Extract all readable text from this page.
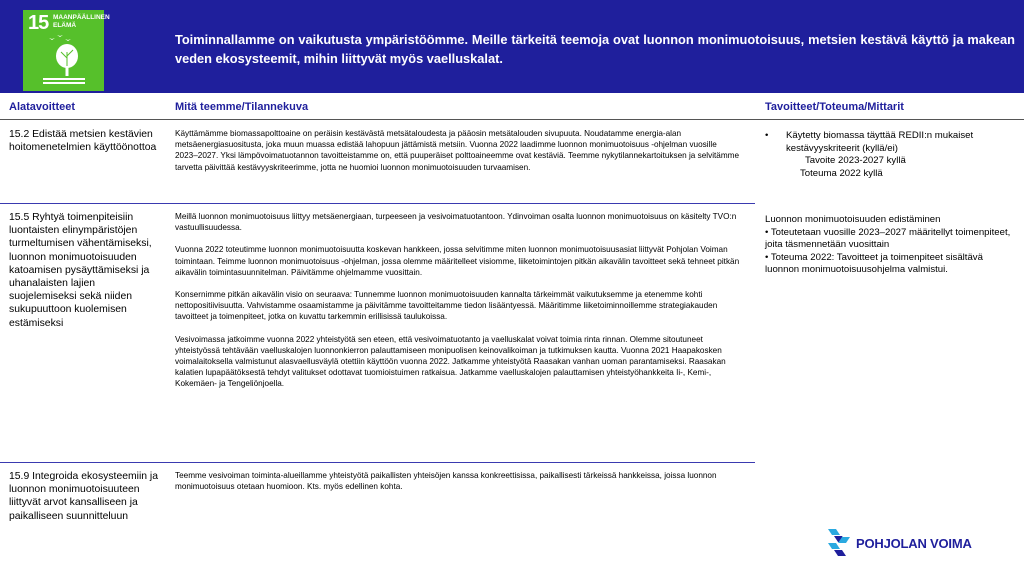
15 MAANPÄÄLLINEN ELÄMÄ
Toiminnallamme on vaikutusta ympäristöömme. Meille tärkeitä teemoja ovat luonnon monimuotoisuus, metsien kestävä käyttö ja makean veden ekosysteemit, mihin liittyvät myös vaelluskalat.
Alatavoitteet	Mitä teemme/Tilannekuva	Tavoitteet/Toteuma/Mittarit
15.2 Edistää metsien kestävien hoitomenetelmien käyttöönottoa

Käyttämämme biomassapolttoaine on peräisin kestävästä metsätaloudesta ja pääosin metsätalouden sivupuuta. Noudatamme energia-alan metsäenergiasuositusta, joka muun muassa edistää lahopuun jättämistä metsiin. Vuonna 2022 laadimme luonnon monimuotoisuus -ohjelman vuosille 2023–2027. Yksi lämpövoimatuotannon tavoitteistamme on, että puuperäiset polttoaineemme ovat kestäviä. Teemme nykytilannekartoituksen ja selvitämme tarvetta päivittää kestävyyskriteerimme, jotta ne huomioi luonnon monimuotoisuuden turvaamisen.

15.5 Ryhtyä toimenpiteisiin luontaisten elinympäristöjen turmeltumisen vähentämiseksi, luonnon monimuotoisuuden katoamisen pysäyttämiseksi ja uhanalaisten lajien suojelemiseksi sekä niiden sukupuuttoon kuolemisen estämiseksi

Meillä luonnon monimuotoisuus liittyy metsäenergiaan, turpeeseen ja vesivoimatuotantoon. Ydinvoiman osalta luonnon monimuotoisuus on käsitelty TVO:n vastuullisuudessa.

Vuonna 2022 toteutimme luonnon monimuotoisuutta koskevan hankkeen, jossa selvitimme miten luonnon monimuotoisuusasiat liittyvät Pohjolan Voiman toimintaan. Teimme luonnon monimuotoisuus -ohjelman, jossa olemme määritelleet visiomme, liiketoimintojen pitkän aikavälin tavoitteet sekä tehneet pitkän aikavälin toimintasuunnitelman. Päivitämme ohjelmamme vuosittain.

Konsernimme pitkän aikavälin visio on seuraava: Tunnemme luonnon monimuotoisuuden kannalta tärkeimmät vaikutuksemme ja etenemme kohti nettopositiivisuutta. Vahvistamme osaamistamme ja päivitämme tavoitteitamme tiedon lisääntyessä. Määritimme liiketoiminnoillemme strategiakauden tavoitteet ja toimenpiteet, jotka on kuvattu tarkemmin erillisissä taulukoissa.

Vesivoimassa jatkoimme vuonna 2022 yhteistyötä sen eteen, että vesivoimatuotanto ja vaelluskalat voivat toimia rinta rinnan. Olemme sitoutuneet yhteistyössä tehtävään vaelluskalojen luonnonkierron palauttamiseen monipuolisen keinovalikoiman ja tutkimuksen kautta. Vuonna 2021 Haapakosken voimalaitoksella valmistunut alasvaellusväylä otettiin käyttöön vuonna 2022. Jatkamme yhteistyötä Raasakan vanhan uoman parantamiseksi. Raasakan kalatien lupapäätöksestä tehdyt valitukset odottavat tuomioistuimen ratkaisua. Jatkamme vaelluskalojen palauttamisen yhteistyöhankkeita Ii-, Kemi-, Kokemäen- ja Tengeliönjoella.

15.9 Integroida ekosysteemiin ja luonnon monimuotoisuuteen liittyvät arvot kansalliseen ja paikalliseen suunnitteluun

Teemme vesivoiman toiminta-alueillamme yhteistyötä paikallisten yhteisöjen kanssa konkreettisissa, paikallisesti tärkeissä hankkeissa, joissa luonnon monimuotoisuus otetaan huomioon. Kts. myös edellinen kohta.

• Käytetty biomassa täyttää REDII:n mukaiset kestävyyskriteerit (kyllä/ei)
Tavoite 2023-2027 kyllä
Toteuma 2022 kyllä
Luonnon monimuotoisuuden edistäminen
• Toteutetaan vuosille 2023–2027 määritellyt toimenpiteet, joita täsmennetään vuosittain
• Toteuma 2022: Tavoitteet ja toimenpiteet sisältävä
luonnon monimuotoisuusohjelma valmistui.
POHJOLAN VOIMA
